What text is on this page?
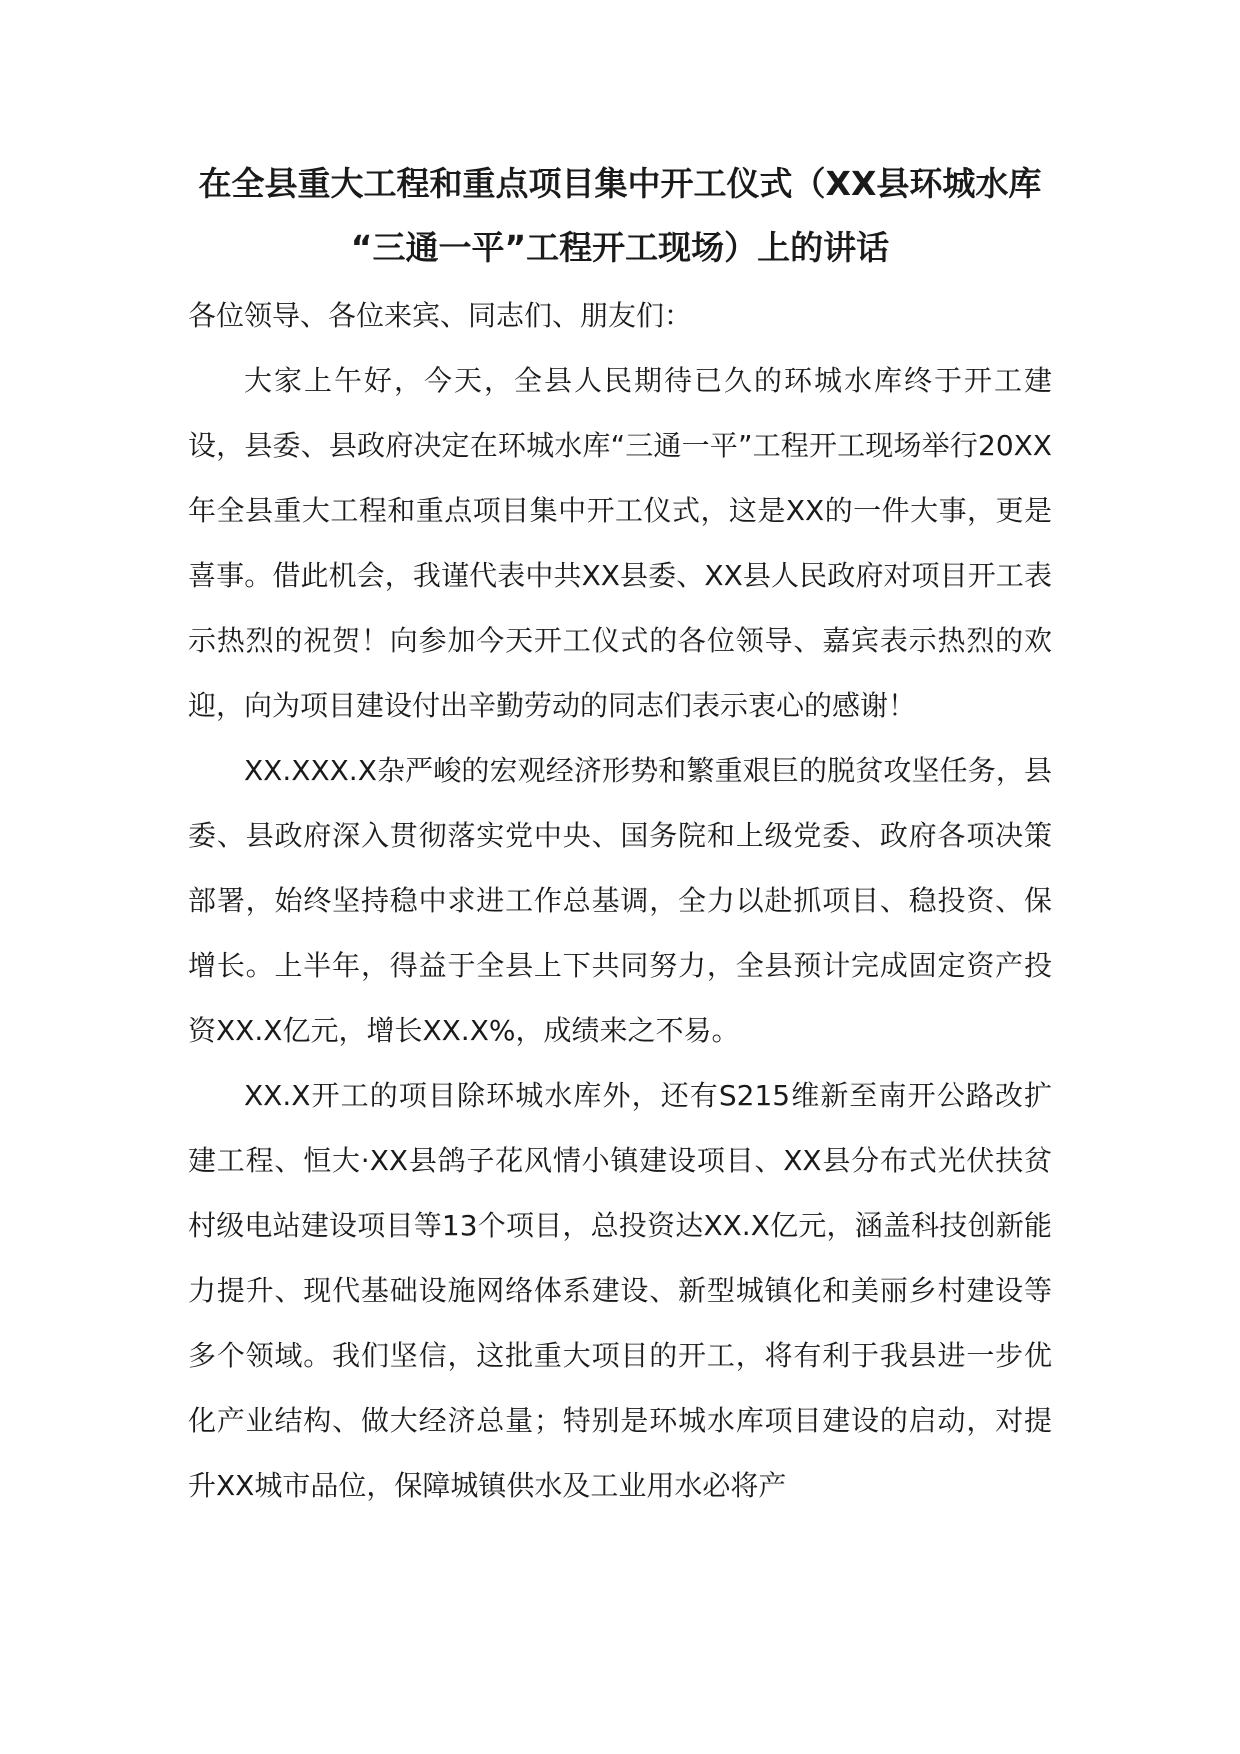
在全县重大工程和重点项目集中开工仪式（XX县环城水库
“三通一平”工程开工现场）上的讲话

各位领导、各位来宾、同志们、朋友们：

大家上午好，今天，全县人民期待已久的环城水库终于开工建设，县委、县政府决定在环城水库“三通一平”工程开工现场举行20XX年全县重大工程和重点项目集中开工仪式，这是XX的一件大事，更是喜事。借此机会，我谨代表中共XX县委、XX县人民政府对项目开工表示热烈的祝贺！向参加今天开工仪式的各位领导、嘉宾表示热烈的欢迎，向为项目建设付出辛勤劳动的同志们表示衷心的感谢！

XX.XXX.X杂严峻的宏观经济形势和繁重艰巨的脱贫攻坚任务，县委、县政府深入贯彻落实党中央、国务院和上级党委、政府各项决策部署，始终坚持稳中求进工作总基调，全力以赴抓项目、稳投资、保增长。上半年，得益于全县上下共同努力，全县预计完成固定资产投资XX.X亿元，增长XX.X%，成绩来之不易。

XX.X开工的项目除环城水库外，还有S215维新至南开公路改扩建工程、恒大·XX县鸽子花风情小镇建设项目、XX县分布式光伏扶贫村级电站建设项目等13个项目，总投资达XX.X亿元，涵盖科技创新能力提升、现代基础设施网络体系建设、新型城镇化和美丽乡村建设等多个领域。我们坚信，这批重大项目的开工，将有利于我县进一步优化产业结构、做大经济总量；特别是环城水库项目建设的启动，对提升XX城市品位，保障城镇供水及工业用水必将产
